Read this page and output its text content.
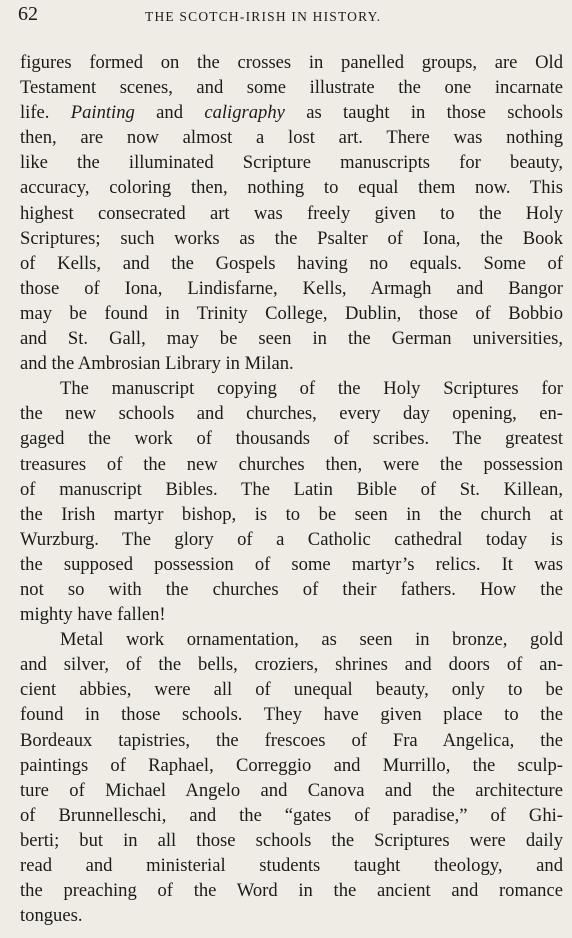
62	THE SCOTCH-IRISH IN HISTORY.
figures formed on the crosses in panelled groups, are Old
Testament scenes, and some illustrate the one incarnate
life. Painting and caligraphy as taught in those schools
then, are now almost a lost art. There was nothing
like the illuminated Scripture manuscripts for beauty,
accuracy, coloring then, nothing to equal them now. This
highest consecrated art was freely given to the Holy
Scriptures; such works as the Psalter of Iona, the Book
of Kells, and the Gospels having no equals. Some of
those of Iona, Lindisfarne, Kells, Armagh and Bangor
may be found in Trinity College, Dublin, those of Bobbio
and St. Gall, may be seen in the German universities,
and the Ambrosian Library in Milan.
The manuscript copying of the Holy Scriptures for
the new schools and churches, every day opening, en-
gaged the work of thousands of scribes. The greatest
treasures of the new churches then, were the possession
of manuscript Bibles. The Latin Bible of St. Killean,
the Irish martyr bishop, is to be seen in the church at
Wurzburg. The glory of a Catholic cathedral today is
the supposed possession of some martyr’s relics. It was
not so with the churches of their fathers. How the
mighty have fallen!
Metal work ornamentation, as seen in bronze, gold
and silver, of the bells, croziers, shrines and doors of an-
cient abbies, were all of unequal beauty, only to be
found in those schools. They have given place to the
Bordeaux tapistries, the frescoes of Fra Angelica, the
paintings of Raphael, Correggio and Murrillo, the sculp-
ture of Michael Angelo and Canova and the architecture
of Brunnelleschi, and the “gates of paradise,” of Ghi-
berti; but in all those schools the Scriptures were daily
read and ministerial students taught theology, and
the preaching of the Word in the ancient and romance
tongues.
